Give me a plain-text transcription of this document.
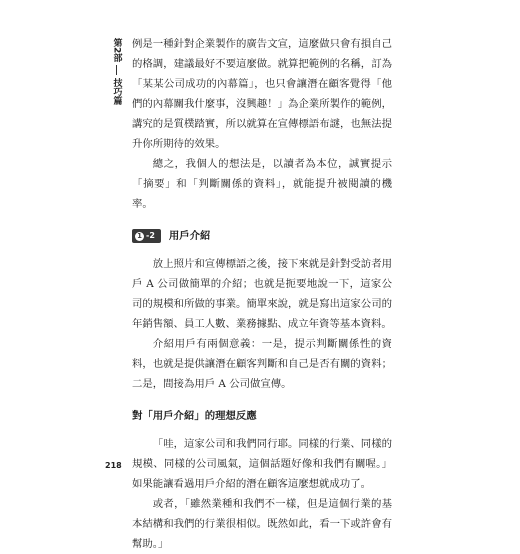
第2部
技巧篇

例是一種針對企業製作的廣告文宣，這麼做只會有損自己的格調，建議最好不要這麼做。就算把範例的名稱，訂為「某某公司成功的內幕篇」，也只會讓潛在顧客覺得「他們的內幕關我什麼事，沒興趣！」為企業所製作的範例，講究的是質樸踏實，所以就算在宣傳標語布謎，也無法提升你所期待的效果。

總之，我個人的想法是，以讀者為本位，誠實提示「摘要」和「判斷關係的資料」，就能提升被閱讀的機率。

1 -2 用戶介紹

放上照片和宣傳標語之後，接下來就是針對受訪者用戶 A 公司做簡單的介紹；也就是扼要地說一下，這家公司的規模和所做的事業。簡單來說，就是寫出這家公司的年銷售額、員工人數、業務據點、成立年資等基本資料。

介紹用戶有兩個意義：一是，提示判斷關係性的資料，也就是提供讓潛在顧客判斷和自己是否有關的資料；二是，間接為用戶 A 公司做宣傳。

對「用戶介紹」的理想反應

「哇，這家公司和我們同行耶。同樣的行業、同樣的規模、同樣的公司風氣，這個話題好像和我們有關喔。」如果能讓看過用戶介紹的潛在顧客這麼想就成功了。

或者，「雖然業種和我們不一樣，但是這個行業的基本結構和我們的行業很相似。既然如此，看一下或許會有幫助。」

218
